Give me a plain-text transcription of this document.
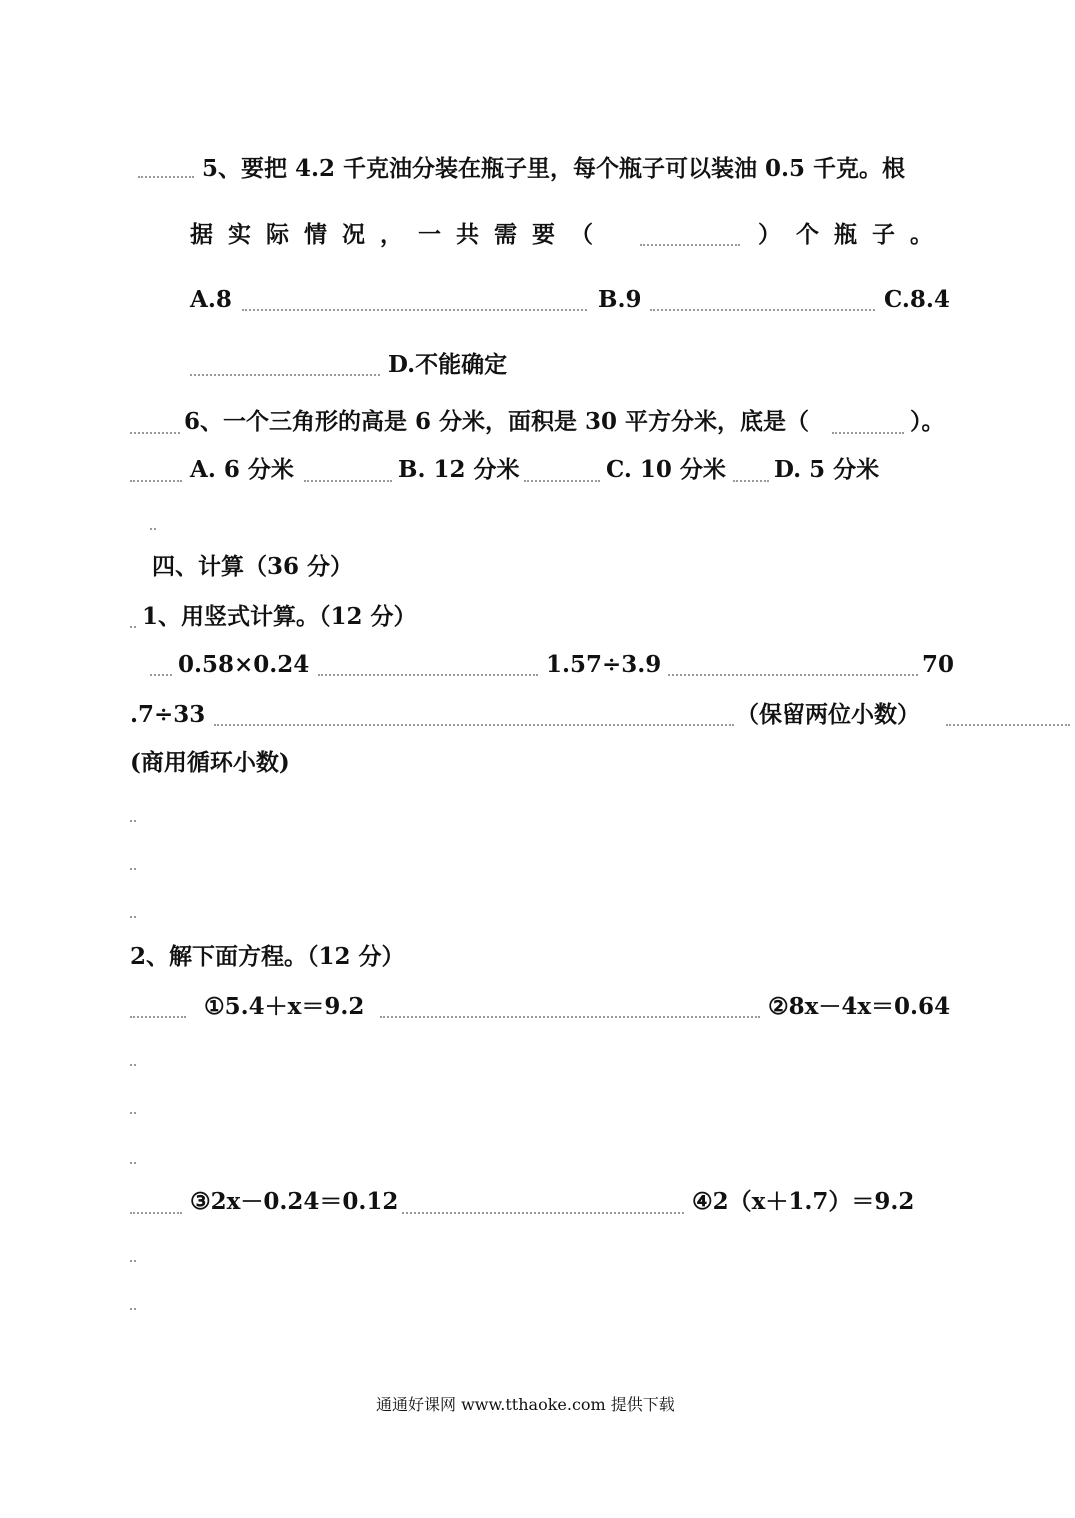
5、要把 4.2 千克油分装在瓶子里，每个瓶子可以装油 0.5 千克。根
据实际情况，一共需要（	）个瓶子。
A.8	B.9	C.8.4
D.不能确定
6、一个三角形的高是 6 分米，面积是 30 平方分米，底是（	）。
A. 6 分米	B. 12 分米	C. 10 分米 D. 5 分米
四、计算（36 分）
1、用竖式计算。（12 分）
0.58×0.24	1.57÷3.9	70
.7÷33	（保留两位小数）
(商用循环小数)
2、解下面方程。（12 分）
①5.4＋x＝9.2	②8x－4x＝0.64
③2x－0.24＝0.12	④2（x＋1.7）＝9.2
通通好课网 www.tthaoke.com 提供下载
